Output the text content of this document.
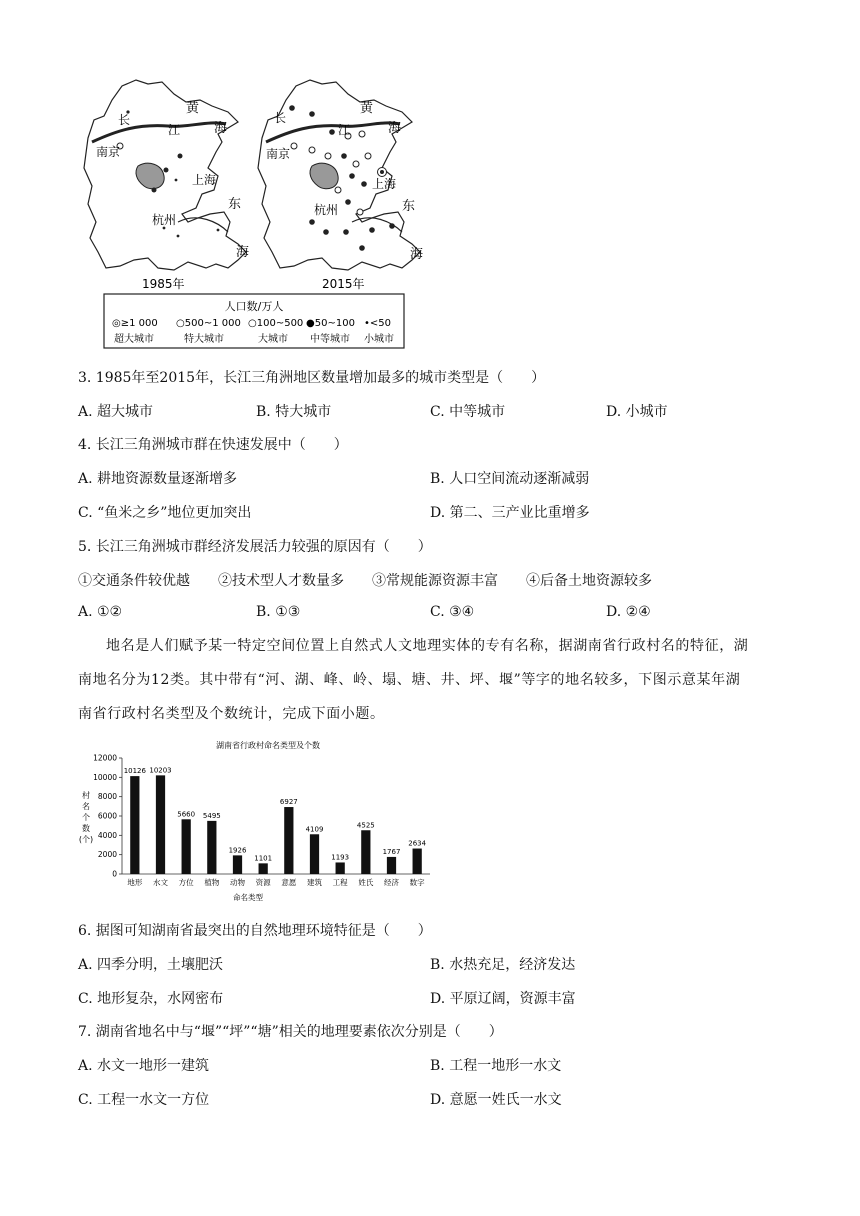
黄
海
长
江
南京
上海
杭州
东
海
黄
海
长
江
南京
上海
杭州	东
海
1985年	2015年
人口数/万人
◎≥1 000 ○500~1 000 ○100~500 ●50~100 •<50
超大城市	特大城市	大城市 中等城市 小城市
3. 1985年至2015年，长江三角洲地区数量增加最多的城市类型是（　　）
A. 超大城市	B. 特大城市	C. 中等城市	D. 小城市
4. 长江三角洲城市群在快速发展中（　　）
A. 耕地资源数量逐渐增多	B. 人口空间流动逐渐减弱
C. “鱼米之乡”地位更加突出	D. 第二、三产业比重增多
5. 长江三角洲城市群经济发展活力较强的原因有（　　）
①交通条件较优越　　②技术型人才数量多　　③常规能源资源丰富　　④后备土地资源较多
A. ①②	B. ①③	C. ③④	D. ②④
地名是人们赋予某一特定空间位置上自然式人文地理实体的专有名称，据湖南省行政村名的特征，湖
南地名分为12类。其中带有“河、湖、峰、岭、塌、塘、井、坪、堰”等字的地名较多，下图示意某年湖
南省行政村名类型及个数统计，完成下面小题。
湖南省行政村命名类型及个数
村名个数(个)
命名类型
0
2000
4000
6000
8000
10000
12000
10126
地形
10203
水文
5660
方位
5495
植物
1926
动物
1101
资源
6927
意愿
4109
建筑
1193
工程
4525
姓氏
1767
经济
2634
数字
6. 据图可知湖南省最突出的自然地理环境特征是（　　）
A. 四季分明，土壤肥沃	B. 水热充足，经济发达
C. 地形复杂，水网密布	D. 平原辽阔，资源丰富
7. 湖南省地名中与“堰”“坪”“塘”相关的地理要素依次分别是（　　）
A. 水文一地形一建筑	B. 工程一地形一水文
C. 工程一水文一方位	D. 意愿一姓氏一水文
